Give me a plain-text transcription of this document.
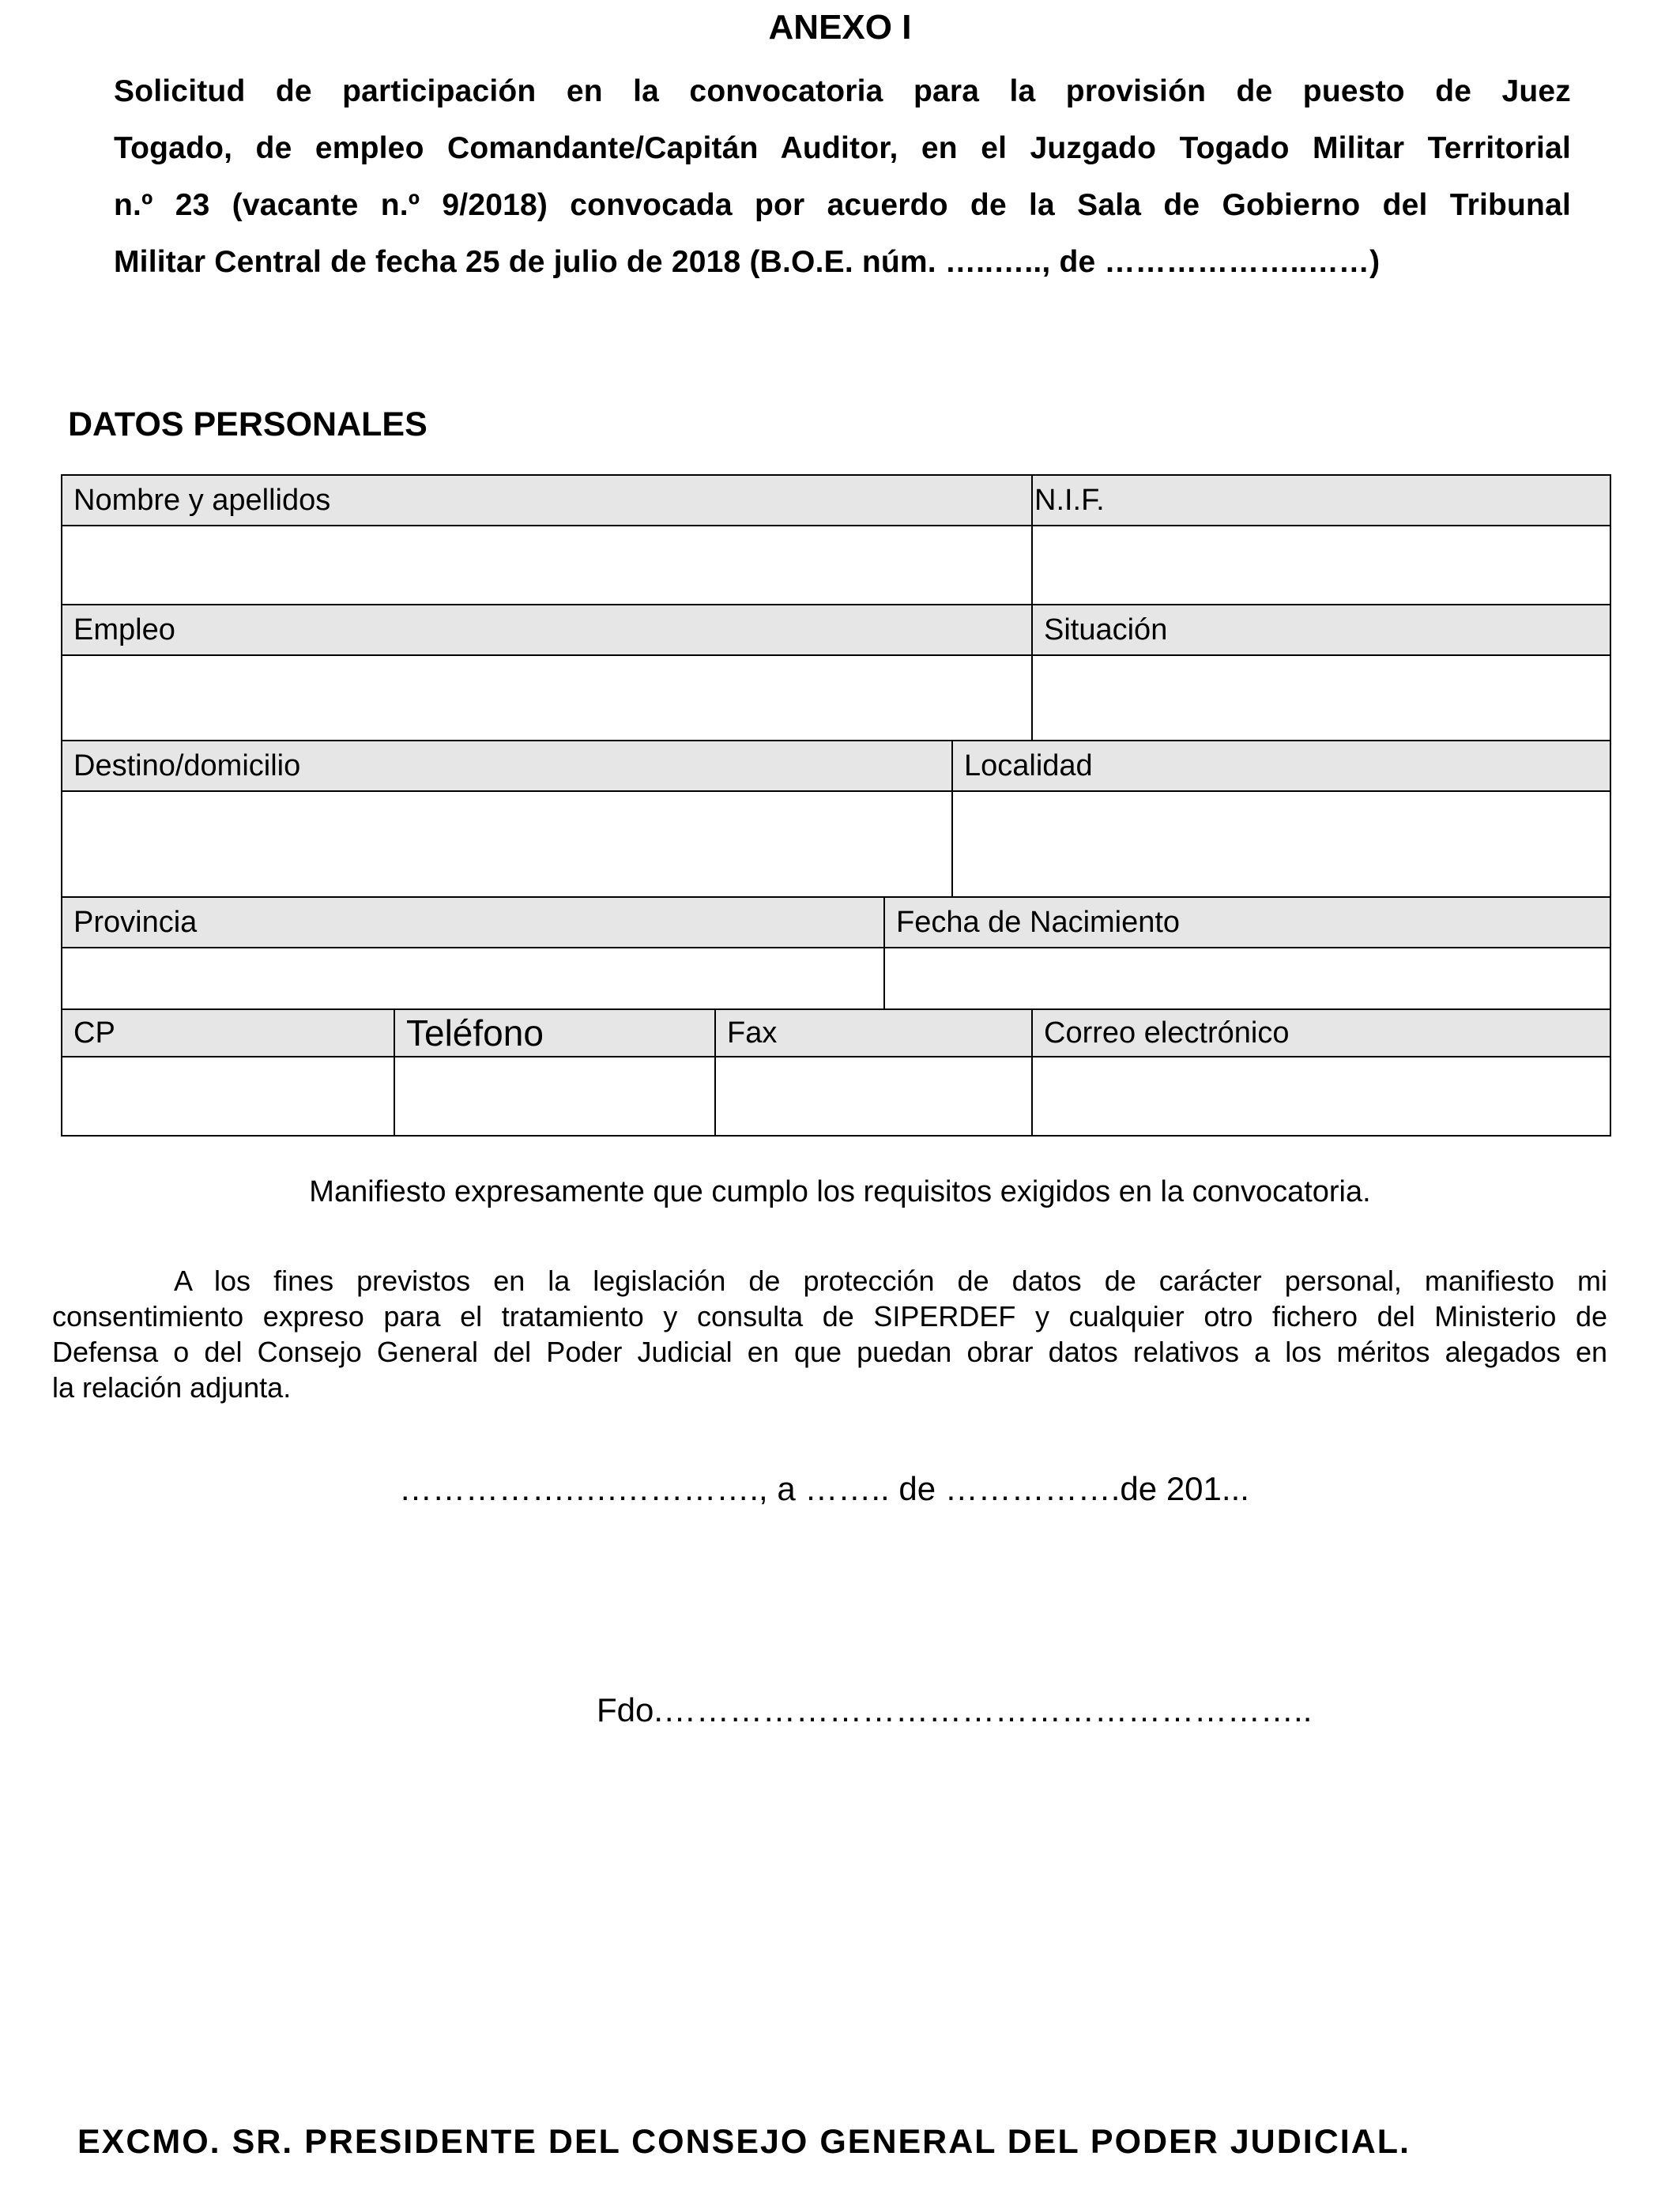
ANEXO I
Solicitud de participación en la convocatoria para la provisión de puesto de Juez
Togado, de empleo Comandante/Capitán Auditor, en el Juzgado Togado Militar Territorial
n.º 23 (vacante n.º 9/2018) convocada por acuerdo de la Sala de Gobierno del Tribunal
Militar Central de fecha 25 de julio de 2018 (B.O.E. núm. …..….., de ………………..……)
DATOS PERSONALES
Nombre y apellidos	N.I.F.
Empleo	Situación
Destino/domicilio	Localidad
Provincia	Fecha de Nacimiento
CP	Teléfono	Fax	Correo electrónico
Manifiesto expresamente que cumplo los requisitos exigidos en la convocatoria.
A los fines previstos en la legislación de protección de datos de carácter personal, manifiesto mi
consentimiento expreso para el tratamiento y consulta de SIPERDEF y cualquier otro fichero del Ministerio de
Defensa o del Consejo General del Poder Judicial en que puedan obrar datos relativos a los méritos alegados en
la relación adjunta.
…………….….…………., a …….. de …………….de 201...
Fdo.…………………………………………………..
EXCMO. SR. PRESIDENTE DEL CONSEJO GENERAL DEL PODER JUDICIAL.
